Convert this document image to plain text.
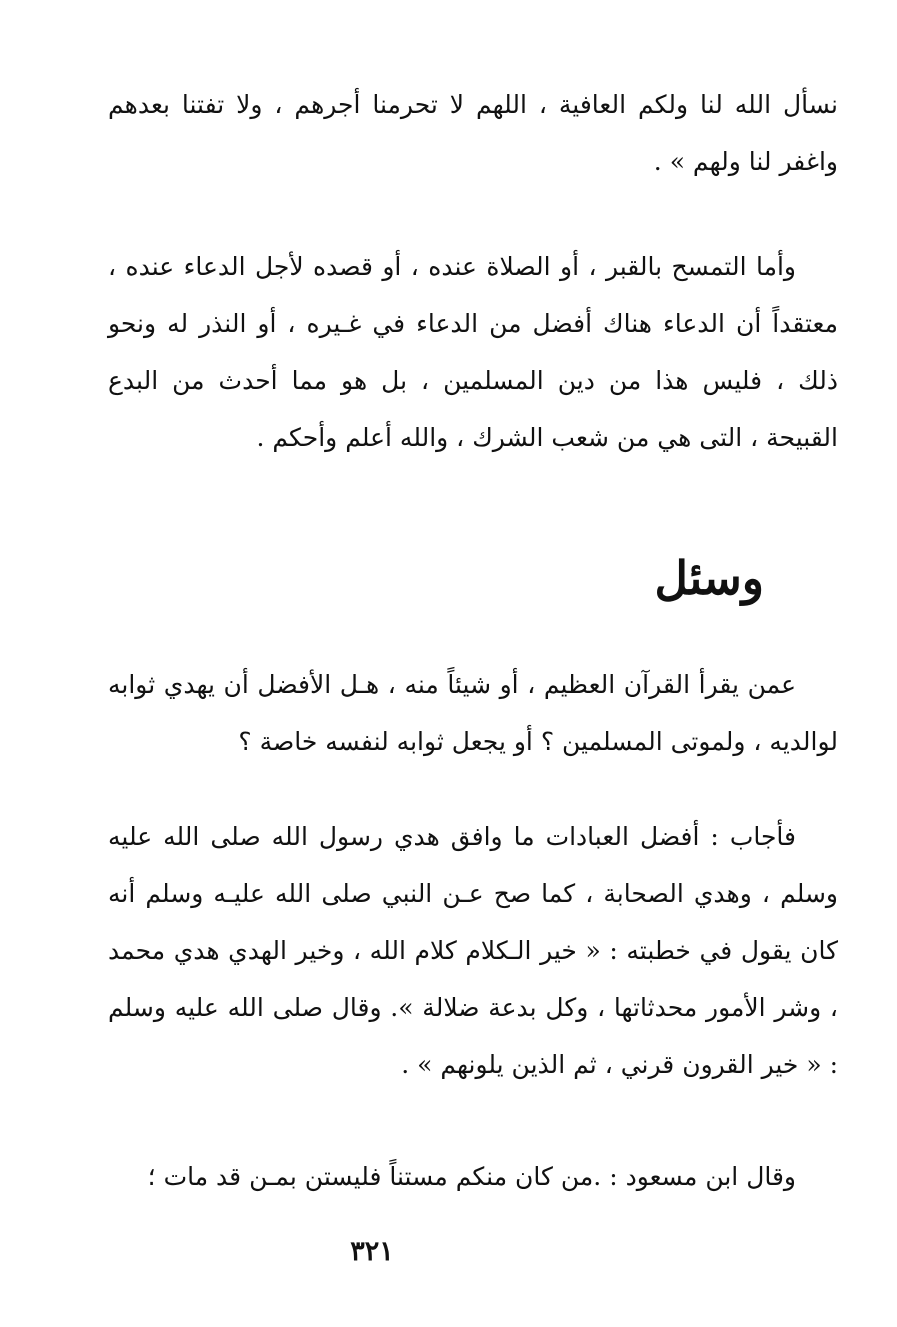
نسأل الله لنا ولكم العافية ، اللهم لا تحرمنا أجرهم ، ولا تفتنا بعدهم واغفر لنا ولهم » .

وأما التمسح بالقبر ، أو الصلاة عنده ، أو قصده لأجل الدعاء عنده ، معتقداً أن الدعاء هناك أفضل من الدعاء في غـيره ، أو النذر له ونحو ذلك ، فليس هذا من دين المسلمين ، بل هو مما أحدث من البدع القبيحة ، التى هي من شعب الشرك ، والله أعلم وأحكم .

وسئل

عمن يقرأ القرآن العظيم ، أو شيئاً منه ، هـل الأفضل أن يهدي ثوابه لوالديه ، ولموتى المسلمين ؟ أو يجعل ثوابه لنفسه خاصة ؟

فأجاب : أفضل العبادات ما وافق هدي رسول الله صلى الله عليه وسلم ، وهدي الصحابة ، كما صح عـن النبي صلى الله عليـه وسلم أنه كان يقول في خطبته : « خير الـكلام كلام الله ، وخير الهدي هدي محمد ، وشر الأمور محدثاتها ، وكل بدعة ضلالة ». وقال صلى الله عليه وسلم : « خير القرون قرني ، ثم الذين يلونهم » .

وقال ابن مسعود : .من كان منكم مستناً فليستن بمـن قد مات ؛

٣٢١
